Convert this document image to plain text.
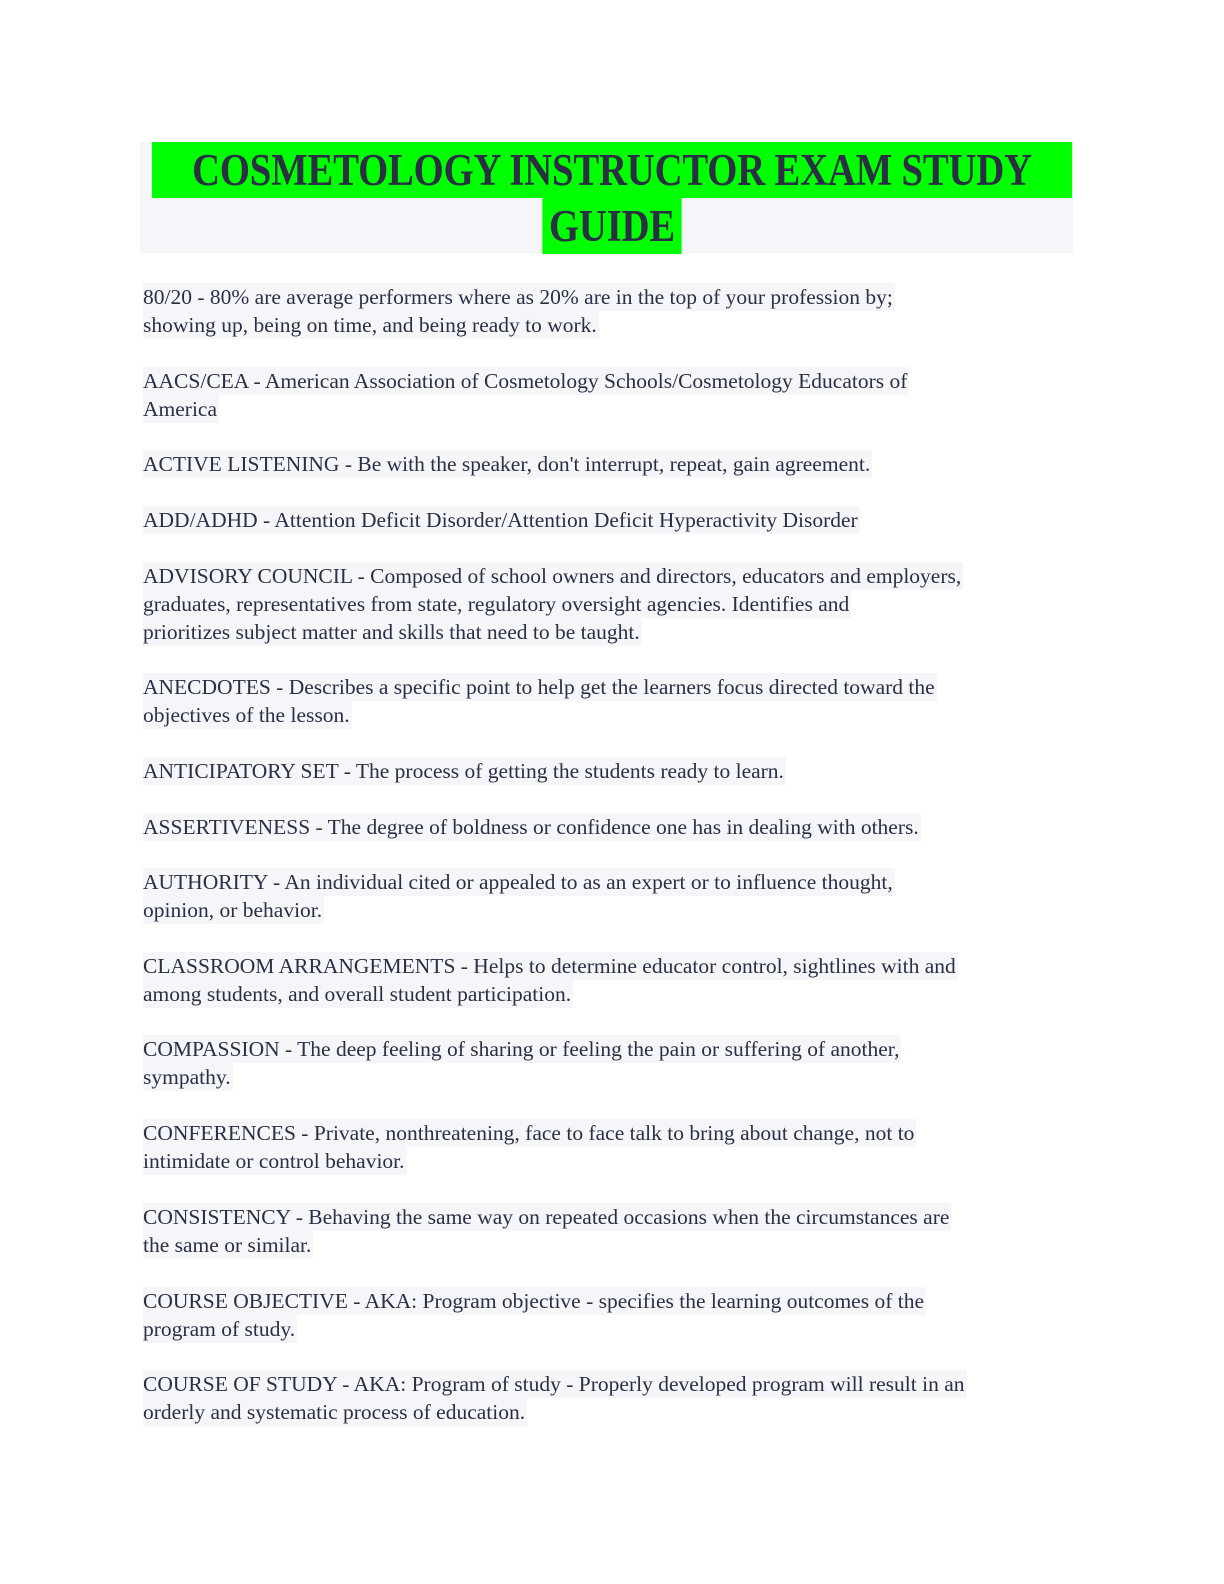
COSMETOLOGY INSTRUCTOR EXAM STUDY
GUIDE
80/20 - 80% are average performers where as 20% are in the top of your profession by;
showing up, being on time, and being ready to work.
AACS/CEA - American Association of Cosmetology Schools/Cosmetology Educators of
America
ACTIVE LISTENING - Be with the speaker, don't interrupt, repeat, gain agreement.
ADD/ADHD - Attention Deficit Disorder/Attention Deficit Hyperactivity Disorder
ADVISORY COUNCIL - Composed of school owners and directors, educators and employers,
graduates, representatives from state, regulatory oversight agencies. Identifies and
prioritizes subject matter and skills that need to be taught.
ANECDOTES - Describes a specific point to help get the learners focus directed toward the
objectives of the lesson.
ANTICIPATORY SET - The process of getting the students ready to learn.
ASSERTIVENESS - The degree of boldness or confidence one has in dealing with others.
AUTHORITY - An individual cited or appealed to as an expert or to influence thought,
opinion, or behavior.
CLASSROOM ARRANGEMENTS - Helps to determine educator control, sightlines with and
among students, and overall student participation.
COMPASSION - The deep feeling of sharing or feeling the pain or suffering of another,
sympathy.
CONFERENCES - Private, nonthreatening, face to face talk to bring about change, not to
intimidate or control behavior.
CONSISTENCY - Behaving the same way on repeated occasions when the circumstances are
the same or similar.
COURSE OBJECTIVE - AKA: Program objective - specifies the learning outcomes of the
program of study.
COURSE OF STUDY - AKA: Program of study - Properly developed program will result in an
orderly and systematic process of education.
